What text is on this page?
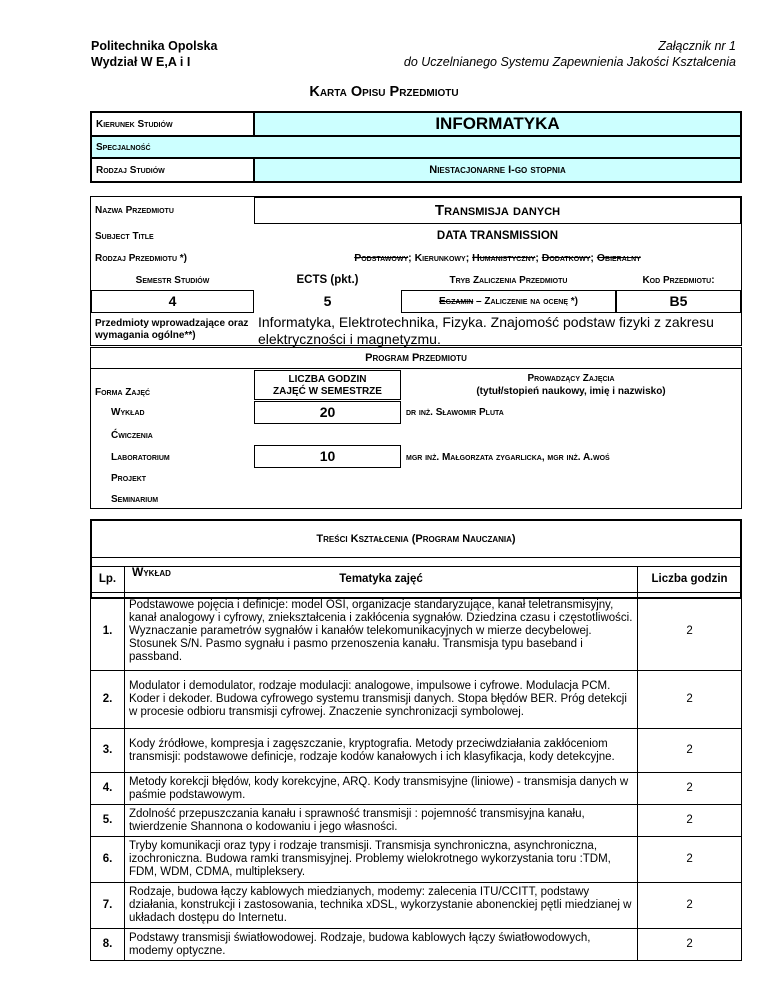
Politechnika Opolska
Wydział W E,A i I
Załącznik nr 1
do Uczelnianego Systemu Zapewnienia Jakości Kształcenia
Karta Opisu Przedmiotu
Kierunek Studiów	INFORMATYKA
Specjalność
Rodzaj Studiów	Niestacjonarne I-go stopnia
Nazwa Przedmiotu	Transmisja danych
Subject Title	DATA TRANSMISSION
Rodzaj Przedmiotu *)	Podstawowy; Kierunkowy; Humanistyczny; Dodatkowy; Obieralny
Semestr Studiów	ECTS (pkt.)	Tryb Zaliczenia Przedmiotu	Kod Przedmiotu:
4	5	Egzamin – Zaliczenie na ocenę *)	B5
Przedmioty wprowadzające oraz wymagania ogólne**)
Informatyka, Elektrotechnika, Fizyka. Znajomość podstaw fizyki z zakresu elektryczności i magnetyzmu.
Program Przedmiotu
Forma Zajęć
LICZBA GODZIN
ZAJĘĆ W SEMESTRZE
Prowadzący Zajęcia
(tytuł/stopień naukowy, imię i nazwisko)
Wykład	20	dr inż. Sławomir Pluta
Ćwiczenia
Laboratorium	10	mgr inż. Małgorzata zygarlicka, mgr inż. A.woś
Projekt
Seminarium
Treści Kształcenia (Program Nauczania)
Wykład
Lp.	Tematyka zajęć	Liczba godzin
1.	Podstawowe pojęcia i definicje: model OSI, organizacje standaryzujące, kanał teletransmisyjny, kanał analogowy i cyfrowy, zniekształcenia i zakłócenia sygnałów. Dziedzina czasu i częstotliwości. Wyznaczanie parametrów sygnałów i kanałów telekomunikacyjnych w mierze decybelowej. Stosunek S/N. Pasmo sygnału i pasmo przenoszenia kanału. Transmisja typu baseband i passband.	2
2.	Modulator i demodulator, rodzaje modulacji: analogowe, impulsowe i cyfrowe. Modulacja PCM. Koder i dekoder. Budowa cyfrowego systemu transmisji danych. Stopa błędów BER. Próg detekcji w procesie odbioru transmisji cyfrowej. Znaczenie synchronizacji symbolowej.	2
3.	Kody źródłowe, kompresja i zagęszczanie, kryptografia. Metody przeciwdziałania zakłóceniom transmisji: podstawowe definicje, rodzaje kodów kanałowych i ich klasyfikacja, kody detekcyjne.	2
4.	Metody korekcji błędów, kody korekcyjne, ARQ. Kody transmisyjne (liniowe) - transmisja danych w paśmie podstawowym.	2
5.	Zdolność przepuszczania kanału i sprawność transmisji : pojemność transmisyjna kanału, twierdzenie Shannona o kodowaniu i jego własności.	2
6.	Tryby komunikacji oraz typy i rodzaje transmisji. Transmisja synchroniczna, asynchroniczna, izochroniczna. Budowa ramki transmisyjnej. Problemy wielokrotnego wykorzystania toru :TDM, FDM, WDM, CDMA, multipleksery.	2
7.	Rodzaje, budowa łączy kablowych miedzianych, modemy: zalecenia ITU/CCITT, podstawy działania, konstrukcji i zastosowania, technika xDSL, wykorzystanie abonenckiej pętli miedzianej w układach dostępu do Internetu.	2
8.	Podstawy transmisji światłowodowej. Rodzaje, budowa kablowych łączy światłowodowych, modemy optyczne.	2
